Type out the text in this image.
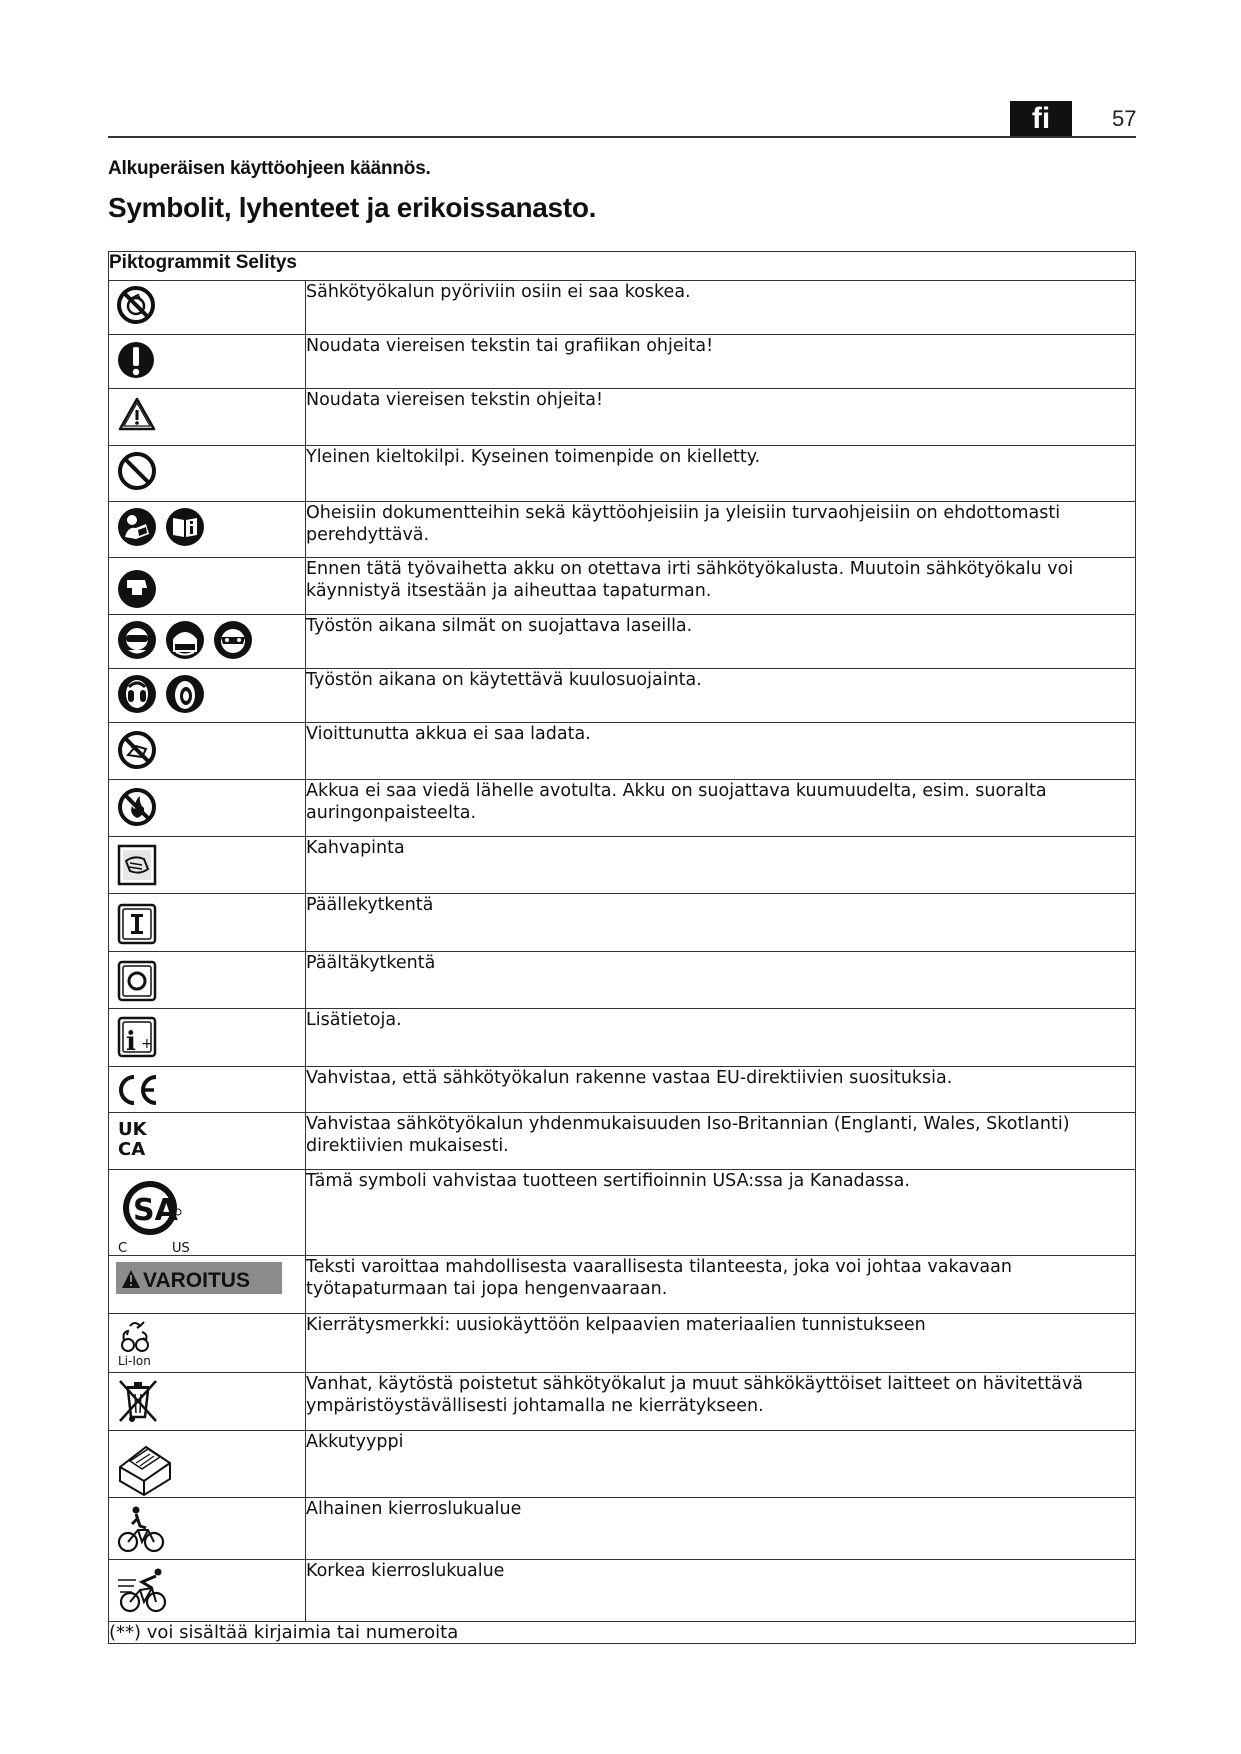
fi	57
Alkuperäisen käyttöohjeen käännös.
Symbolit, lyhenteet ja erikoissanasto.
Piktogrammit Selitys	

	Sähkötyökalun pyöriviin osiin ei saa koskea.

	Noudata viereisen tekstin tai grafiikan ohjeita!

	Noudata viereisen tekstin ohjeita!

	Yleinen kieltokilpi. Kyseinen toimenpide on kielletty.

	Oheisiin dokumentteihin sekä käyttöohjeisiin ja yleisiin turvaohjeisiin on ehdottomasti perehdyttävä.

	Ennen tätä työvaihetta akku on otettava irti sähkötyökalusta. Muutoin sähkötyökalu voi käynnistyä itsestään ja aiheuttaa tapaturman.

	Työstön aikana silmät on suojattava laseilla.

	Työstön aikana on käytettävä kuulosuojainta.

	Vioittunutta akkua ei saa ladata.

	Akkua ei saa viedä lähelle avotulta. Akku on suojattava kuumuudelta, esim. suoralta auringonpaisteelta.

	Kahvapinta

	Päällekytkentä

	Päältäkytkentä

i +	Lisätietoja.

	Vahvistaa, että sähkötyökalun rakenne vastaa EU-direktiivien suosituksia.

UK
CA	Vahvistaa sähkötyökalun yhdenmukaisuuden Iso-Britannian (Englanti, Wales, Skotlanti) direktiivien mukaisesti.

SA
C US	Tämä symboli vahvistaa tuotteen sertifioinnin USA:ssa ja Kanadassa.

VAROITUS	Teksti varoittaa mahdollisesta vaarallisesta tilanteesta, joka voi johtaa vakavaan työtapaturmaan tai jopa hengenvaaraan.

Li-Ion	Kierrätysmerkki: uusiokäyttöön kelpaavien materiaalien tunnistukseen

	Vanhat, käytöstä poistetut sähkötyökalut ja muut sähkökäyttöiset laitteet on hävitettävä ympäristöystävällisesti johtamalla ne kierrätykseen.

	Akkutyyppi

	Alhainen kierroslukualue

	Korkea kierroslukualue
(**) voi sisältää kirjaimia tai numeroita	
